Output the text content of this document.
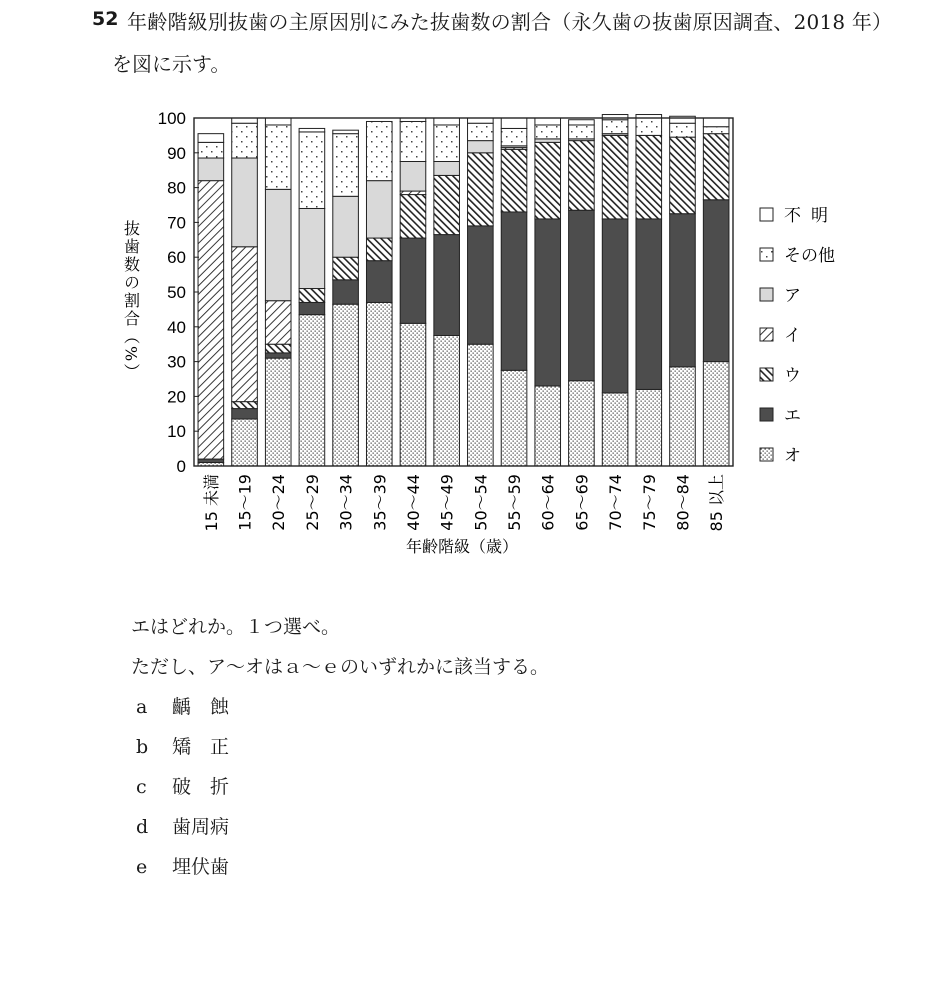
52 年齢階級別抜歯の主原因別にみた抜歯数の割合（永久歯の抜歯原因調査、2018 年）
を図に示す。
0
10
20
30
40
50
60
70
80
90
100
15 未満 15～19 20～24 25～29 30～34 35～39 40～44 45～49 50～54 55～59 60～64 65～69 70～74 75～79 80～84 85 以上
不明
その他
ア
イ
ウ
エ
オ
年齢階級（歳）
抜歯数の割合（%）
エはどれか。１つ選べ。
ただし、ア～オはａ～ｅのいずれかに該当する。
a 齲　蝕
b 矯　正
c 破　折
d 歯周病
e 埋伏歯
